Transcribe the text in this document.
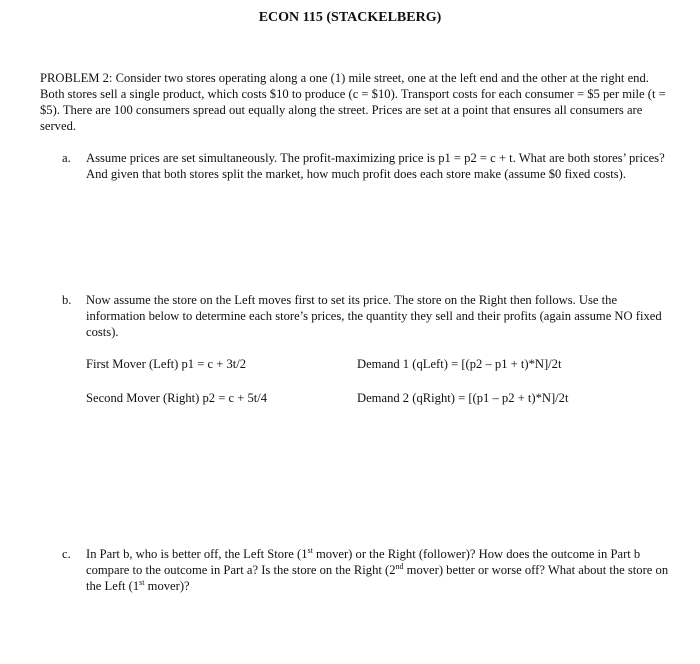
ECON 115 (STACKELBERG)
PROBLEM 2: Consider two stores operating along a one (1) mile street, one at the left end and the other at the right end. Both stores sell a single product, which costs $10 to produce (c = $10). Transport costs for each consumer = $5 per mile (t = $5). There are 100 consumers spread out equally along the street. Prices are set at a point that ensures all consumers are served.
a. Assume prices are set simultaneously. The profit-maximizing price is p1 = p2 = c + t. What are both stores’ prices? And given that both stores split the market, how much profit does each store make (assume $0 fixed costs).
b. Now assume the store on the Left moves first to set its price. The store on the Right then follows. Use the information below to determine each store’s prices, the quantity they sell and their profits (again assume NO fixed costs).
First Mover (Left) p1 = c + 3t/2	Demand 1 (qLeft) = [(p2 – p1 + t)*N]/2t
Second Mover (Right) p2 = c + 5t/4	Demand 2 (qRight) = [(p1 – p2 + t)*N]/2t
c. In Part b, who is better off, the Left Store (1st mover) or the Right (follower)? How does the outcome in Part b compare to the outcome in Part a? Is the store on the Right (2nd mover) better or worse off? What about the store on the Left (1st mover)?
